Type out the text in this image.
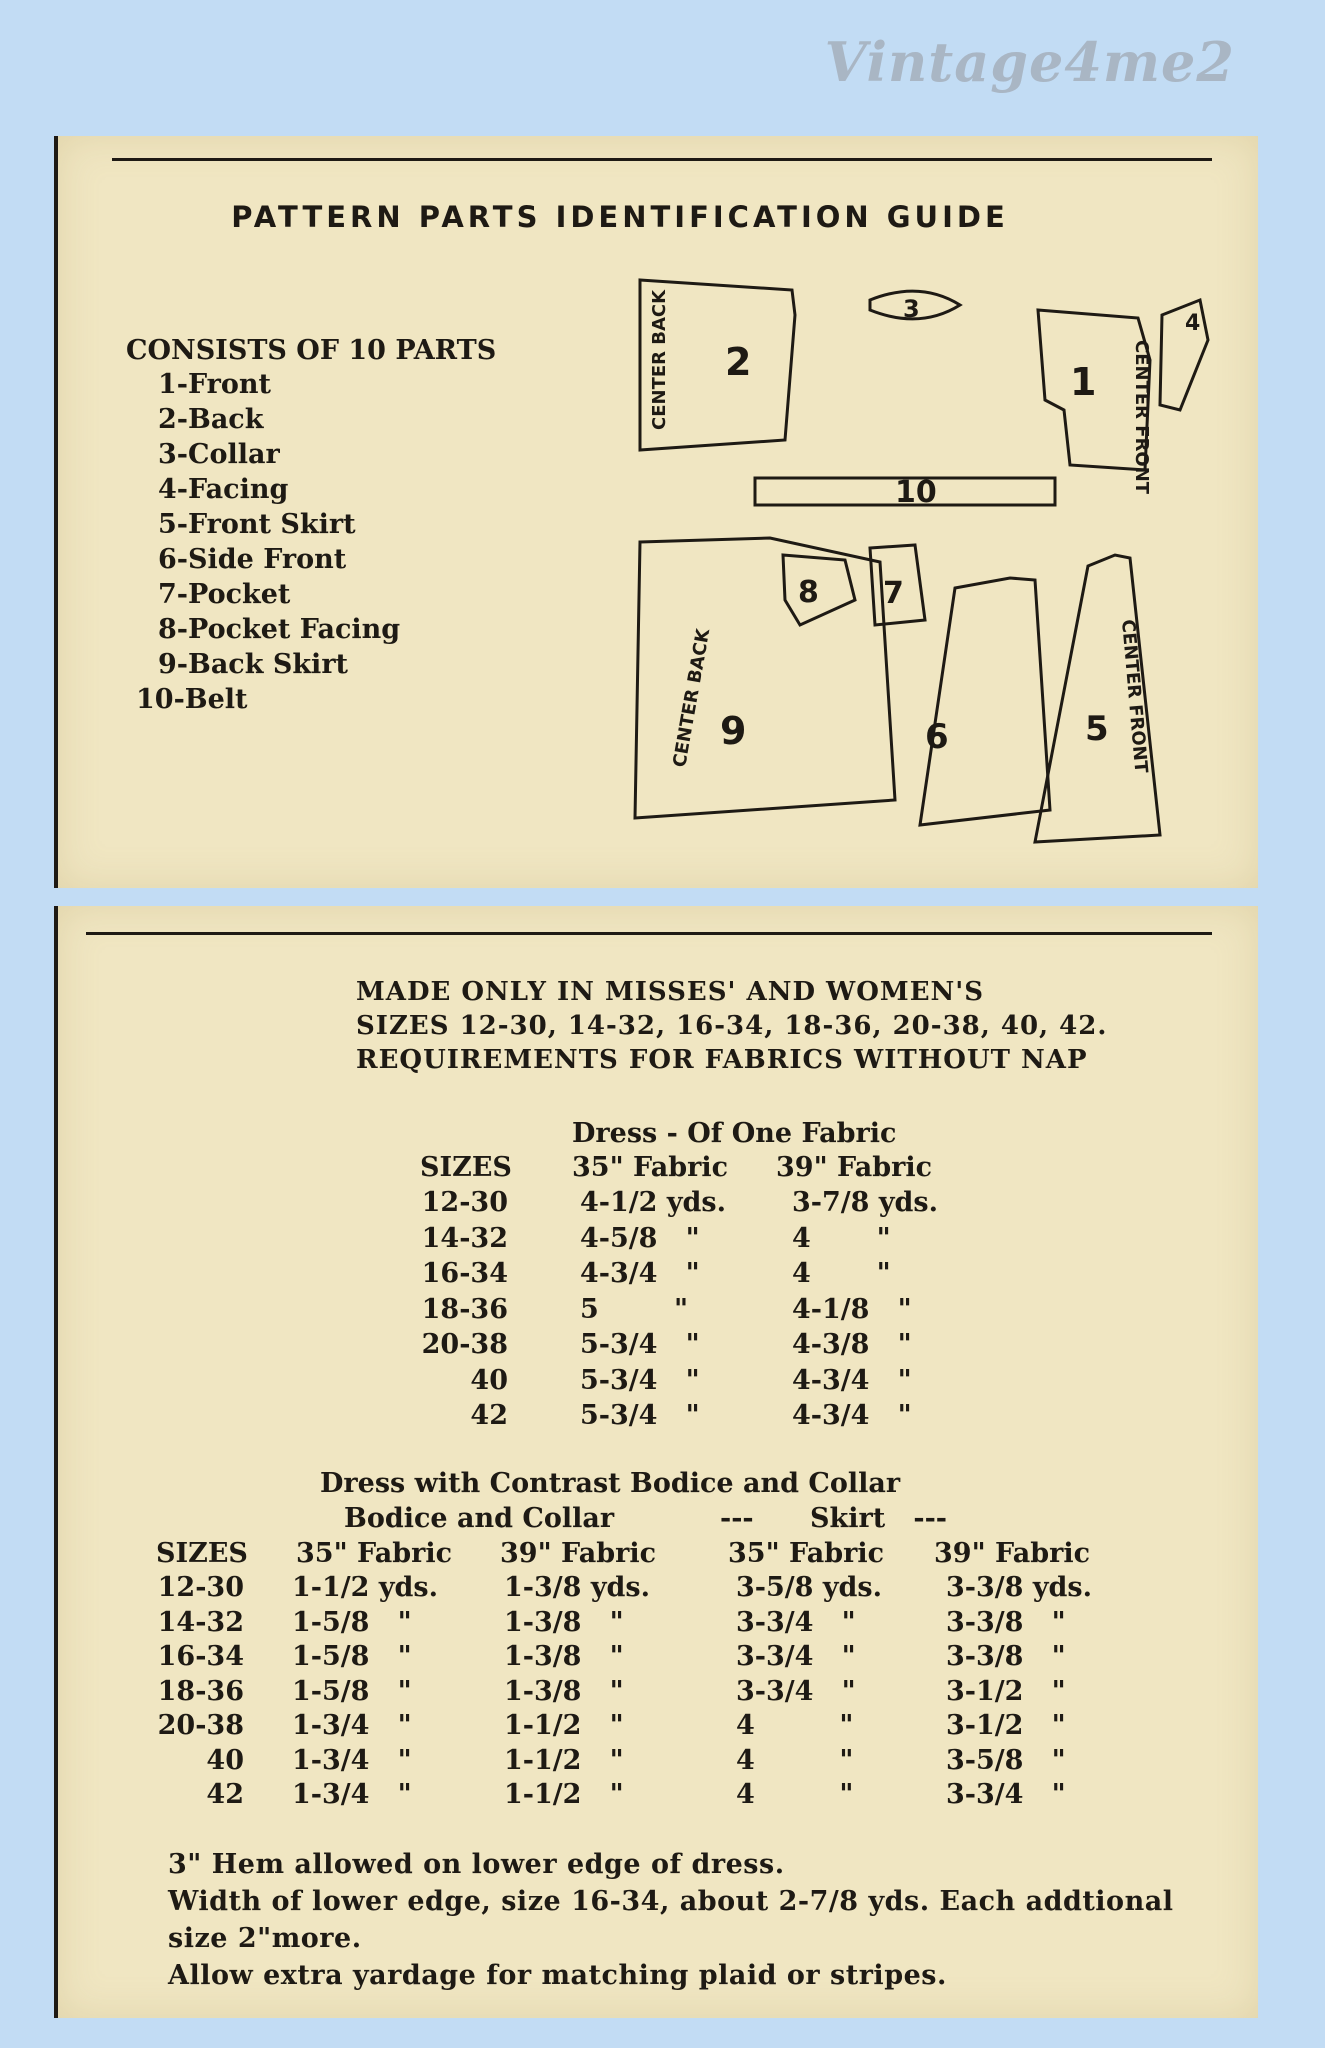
Vintage4me2
PATTERN PARTS IDENTIFICATION GUIDE
CONSISTS OF 10 PARTS
1-Front
2-Back
3-Collar
4-Facing
5-Front Skirt
6-Side Front
7-Pocket
8-Pocket Facing
9-Back Skirt
10-Belt
CENTER BACK 2
3
1 CENTER FRONT
4
10
CENTER BACK 9
8 7
6	CENTER FRONT
5
MADE ONLY IN MISSES' AND WOMEN'S
SIZES 12-30, 14-32, 16-34, 18-36, 20-38, 40, 42.
REQUIREMENTS FOR FABRICS WITHOUT NAP
Dress - Of One Fabric
SIZES 35" Fabric 39" Fabric
12-30	4-1/2 yds. 3-7/8 yds.
14-32	4-5/8   "	4       "
16-34	4-3/4   "	4       "
18-36	5        "	4-1/8   "
20-38	5-3/4   "	4-3/8   "
40	5-3/4   "	4-3/4   "
42	5-3/4   "	4-3/4   "
Dress with Contrast Bodice and Collar
Bodice and Collar	---      Skirt   ---
SIZES 35" Fabric 39" Fabric	35" Fabric 39" Fabric
12-30 1-1/2 yds. 1-3/8 yds.	3-5/8 yds. 3-3/8 yds.
14-32 1-5/8   "	1-3/8   "	3-3/4   "	3-3/8   "
16-34 1-5/8   "	1-3/8   "	3-3/4   "	3-3/8   "
18-36 1-5/8   "	1-3/8   "	3-3/4   "	3-1/2   "
20-38 1-3/4   "	1-1/2   "	4         "	3-1/2   "
40 1-3/4   "	1-1/2   "	4         "	3-5/8   "
42 1-3/4   "	1-1/2   "	4         "	3-3/4   "
3" Hem allowed on lower edge of dress.
Width of lower edge, size 16-34, about 2-7/8 yds. Each addtional
size 2"more.
Allow extra yardage for matching plaid or stripes.
